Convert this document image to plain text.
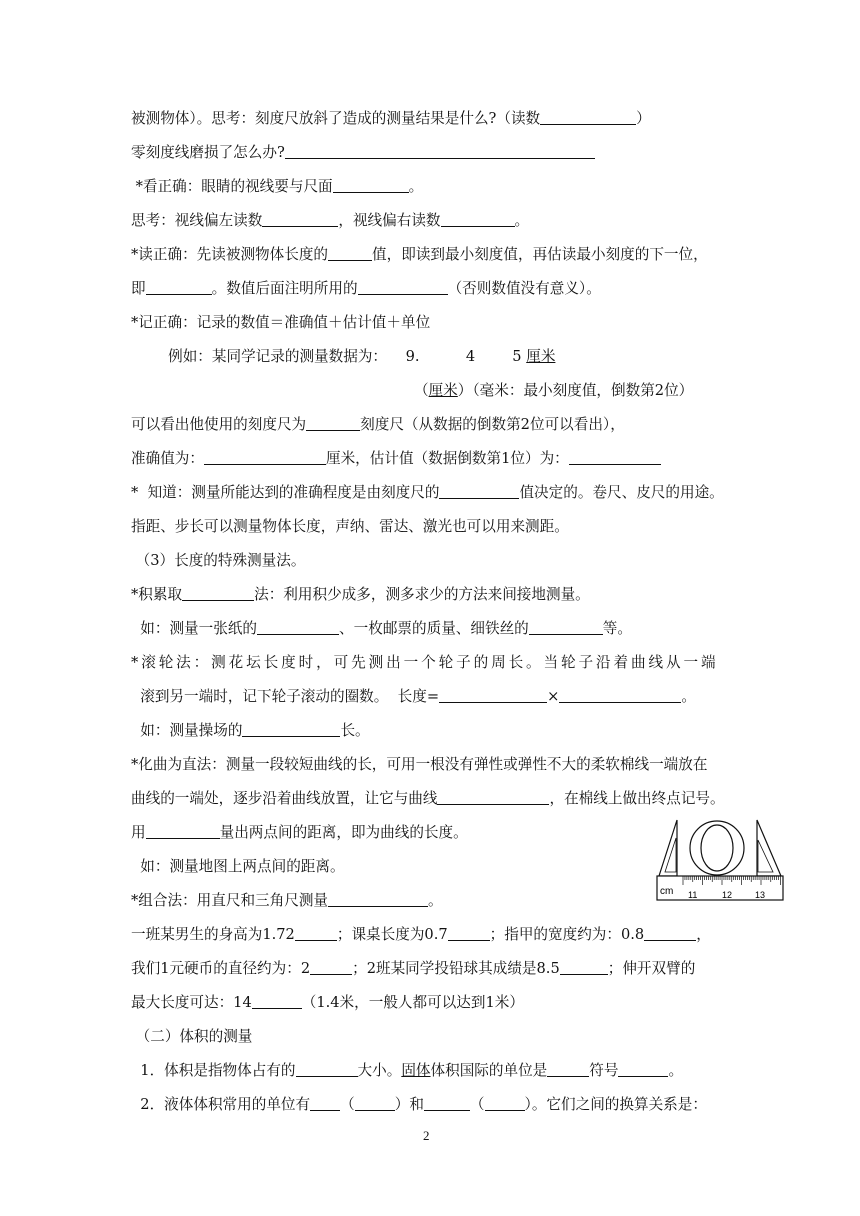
被测物体）。思考：刻度尺放斜了造成的测量结果是什么?（读数	）
零刻度线磨损了怎么办?
*看正确：眼睛的视线要与尺面	。
思考：视线偏左读数	，视线偏右读数	。
*读正确：先读被测物体长度的	值，即读到最小刻度值，再估读最小刻度的下一位，
即	。数值后面注明所用的	（否则数值没有意义）。
*记正确：记录的数值＝准确值＋估计值＋单位
例如：某同学记录的测量数据为：    9.          4        5 厘米
（厘米）（毫米：最小刻度值，倒数第2位）
可以看出他使用的刻度尺为	刻度尺（从数据的倒数第2位可以看出），
准确值为：	厘米，估计值（数据倒数第1位）为：
*  知道：测量所能达到的准确程度是由刻度尺的	值决定的。卷尺、皮尺的用途。
指距、步长可以测量物体长度，声纳、雷达、激光也可以用来测距。
（3）长度的特殊测量法。
*积累取	法：利用积少成多，测多求少的方法来间接地测量。
如：测量一张纸的	、一枚邮票的质量、细铁丝的	等。
*滚轮法：测花坛长度时，可先测出一个轮子的周长。当轮子沿着曲线从一端
滚到另一端时，记下轮子滚动的圈数。  长度=	×	。
如：测量操场的	长。
*化曲为直法：测量一段较短曲线的长，可用一根没有弹性或弹性不大的柔软棉线一端放在
曲线的一端处，逐步沿着曲线放置，让它与曲线	，在棉线上做出终点记号。
用	量出两点间的距离，即为曲线的长度。
如：测量地图上两点间的距离。
*组合法：用直尺和三角尺测量	。
一班某男生的身高为1.72	；课桌长度为0.7	；指甲的宽度约为：0.8	，
我们1元硬币的直径约为：2	；2班某同学投铅球其成绩是8.5	；伸开双臂的
最大长度可达：14	（1.4米，一般人都可以达到1米）
（二）体积的测量
1．体积是指物体占有的	大小。固体体积国际的单位是	符号	。
2．液体体积常用的单位有 （	）和	（	）。它们之间的换算关系是：
cm 11	12	13
2
